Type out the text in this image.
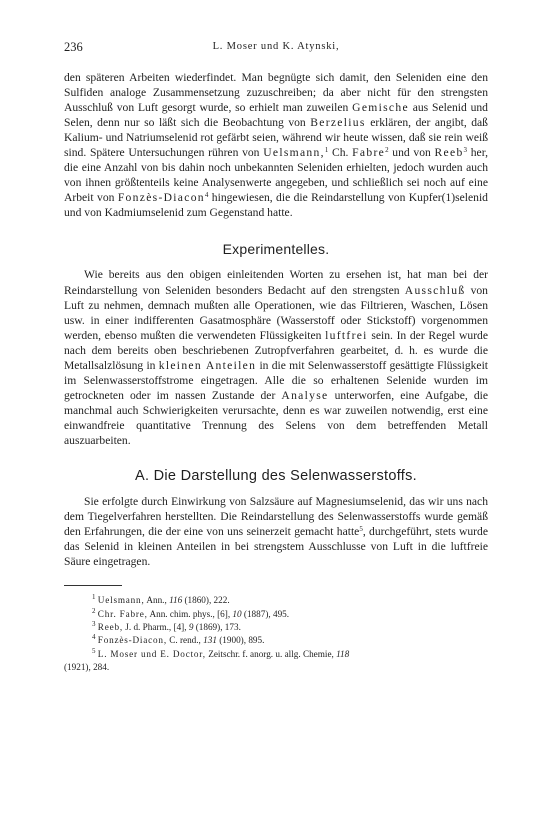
236	L. Moser und K. Atynski,

den späteren Arbeiten wiederfindet. Man begnügte sich damit, den Seleniden eine den Sulfiden analoge Zusammensetzung zuzuschreiben; da aber nicht für den strengsten Ausschluß von Luft gesorgt wurde, so erhielt man zuweilen Gemische aus Selenid und Selen, denn nur so läßt sich die Beobachtung von Berzelius erklären, der angibt, daß Kalium- und Natriumselenid rot gefärbt seien, während wir heute wissen, daß sie rein weiß sind. Spätere Untersuchungen rühren von Uelsmann,$^1$ Ch. Fabre$^2$ und von Reeb$^3$ her, die eine Anzahl von bis dahin noch unbekannten Seleniden erhielten, jedoch wurden auch von ihnen größtenteils keine Analysenwerte angegeben, und schließlich sei noch auf eine Arbeit von Fonzès-Diacon$^4$ hingewiesen, die die Reindarstellung von Kupfer(1)selenid und von Kadmiumselenid zum Gegenstand hatte.

Experimentelles.

Wie bereits aus den obigen einleitenden Worten zu ersehen ist, hat man bei der Reindarstellung von Seleniden besonders Bedacht auf den strengsten Ausschluß von Luft zu nehmen, demnach mußten alle Operationen, wie das Filtrieren, Waschen, Lösen usw. in einer indifferenten Gasatmosphäre (Wasserstoff oder Stickstoff) vorgenommen werden, ebenso mußten die verwendeten Flüssigkeiten luftfrei sein. In der Regel wurde nach dem bereits oben beschriebenen Zutropfverfahren gearbeitet, d. h. es wurde die Metallsalzlösung in kleinen Anteilen in die mit Selenwasserstoff gesättigte Flüssigkeit im Selenwasserstoffstrome eingetragen. Alle die so erhaltenen Selenide wurden im getrockneten oder im nassen Zustande der Analyse unterworfen, eine Aufgabe, die manchmal auch Schwierigkeiten verursachte, denn es war zuweilen notwendig, erst eine einwandfreie quantitative Trennung des Selens von dem betreffenden Metall auszuarbeiten.

A. Die Darstellung des Selenwasserstoffs.

Sie erfolgte durch Einwirkung von Salzsäure auf Magnesiumselenid, das wir uns nach dem Tiegelverfahren herstellten. Die Reindarstellung des Selenwasserstoffs wurde gemäß den Erfahrungen, die der eine von uns seinerzeit gemacht hatte$^5$, durchgeführt, stets wurde das Selenid in kleinen Anteilen in bei strengstem Ausschlusse von Luft in die luftfreie Säure eingetragen.

$^1$ Uelsmann, Ann., 116 (1860), 222.
$^2$ Chr. Fabre, Ann. chim. phys., [6], 10 (1887), 495.
$^3$ Reeb, J. d. Pharm., [4], 9 (1869), 173.
$^4$ Fonzès-Diacon, C. rend., 131 (1900), 895.
$^5$ L. Moser und E. Doctor, Zeitschr. f. anorg. u. allg. Chemie, 118
(1921), 284.
